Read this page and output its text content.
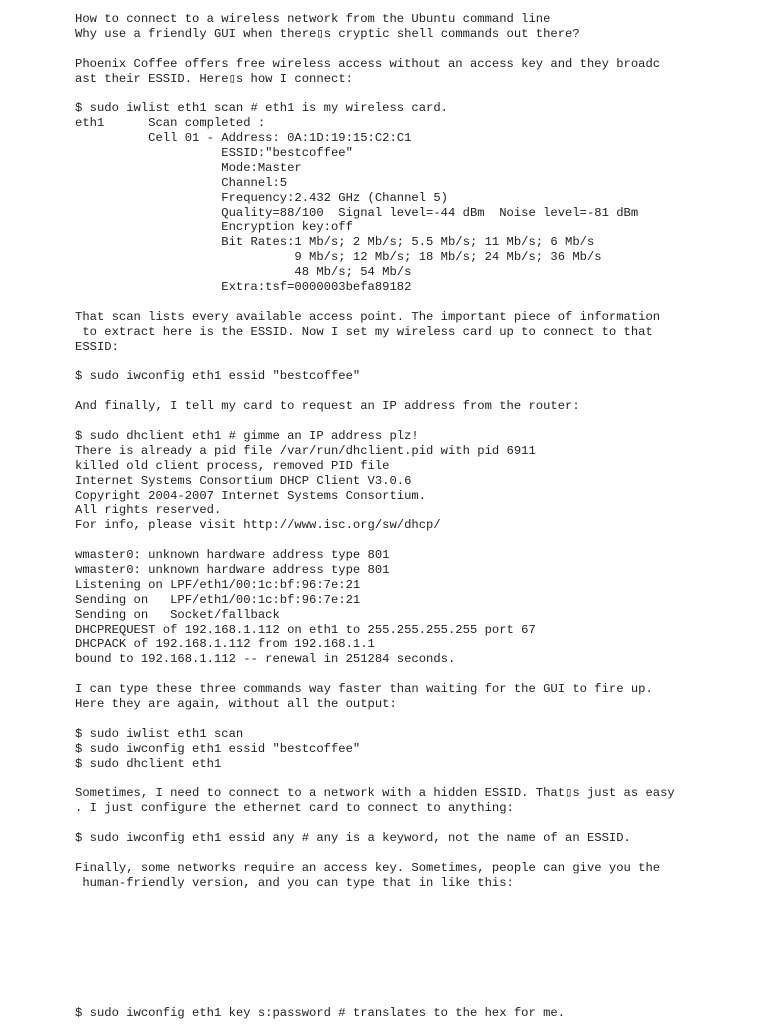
How to connect to a wireless network from the Ubuntu command line
Why use a friendly GUI when there▯s cryptic shell commands out there?
Phoenix Coffee offers free wireless access without an access key and they broadc
ast their ESSID. Here▯s how I connect:
$ sudo iwlist eth1 scan # eth1 is my wireless card.
eth1      Scan completed :
Cell 01 - Address: 0A:1D:19:15:C2:C1
ESSID:"bestcoffee"
Mode:Master
Channel:5
Frequency:2.432 GHz (Channel 5)
Quality=88/100  Signal level=-44 dBm  Noise level=-81 dBm
Encryption key:off
Bit Rates:1 Mb/s; 2 Mb/s; 5.5 Mb/s; 11 Mb/s; 6 Mb/s
9 Mb/s; 12 Mb/s; 18 Mb/s; 24 Mb/s; 36 Mb/s
48 Mb/s; 54 Mb/s
Extra:tsf=0000003befa89182
That scan lists every available access point. The important piece of information
to extract here is the ESSID. Now I set my wireless card up to connect to that
ESSID:
$ sudo iwconfig eth1 essid "bestcoffee"
And finally, I tell my card to request an IP address from the router:
$ sudo dhclient eth1 # gimme an IP address plz!
There is already a pid file /var/run/dhclient.pid with pid 6911
killed old client process, removed PID file
Internet Systems Consortium DHCP Client V3.0.6
Copyright 2004-2007 Internet Systems Consortium.
All rights reserved.
For info, please visit http://www.isc.org/sw/dhcp/
wmaster0: unknown hardware address type 801
wmaster0: unknown hardware address type 801
Listening on LPF/eth1/00:1c:bf:96:7e:21
Sending on   LPF/eth1/00:1c:bf:96:7e:21
Sending on   Socket/fallback
DHCPREQUEST of 192.168.1.112 on eth1 to 255.255.255.255 port 67
DHCPACK of 192.168.1.112 from 192.168.1.1
bound to 192.168.1.112 -- renewal in 251284 seconds.
I can type these three commands way faster than waiting for the GUI to fire up.
Here they are again, without all the output:
$ sudo iwlist eth1 scan
$ sudo iwconfig eth1 essid "bestcoffee"
$ sudo dhclient eth1
Sometimes, I need to connect to a network with a hidden ESSID. That▯s just as easy
. I just configure the ethernet card to connect to anything:
$ sudo iwconfig eth1 essid any # any is a keyword, not the name of an ESSID.
Finally, some networks require an access key. Sometimes, people can give you the
human-friendly version, and you can type that in like this:
$ sudo iwconfig eth1 key s:password # translates to the hex for me.
